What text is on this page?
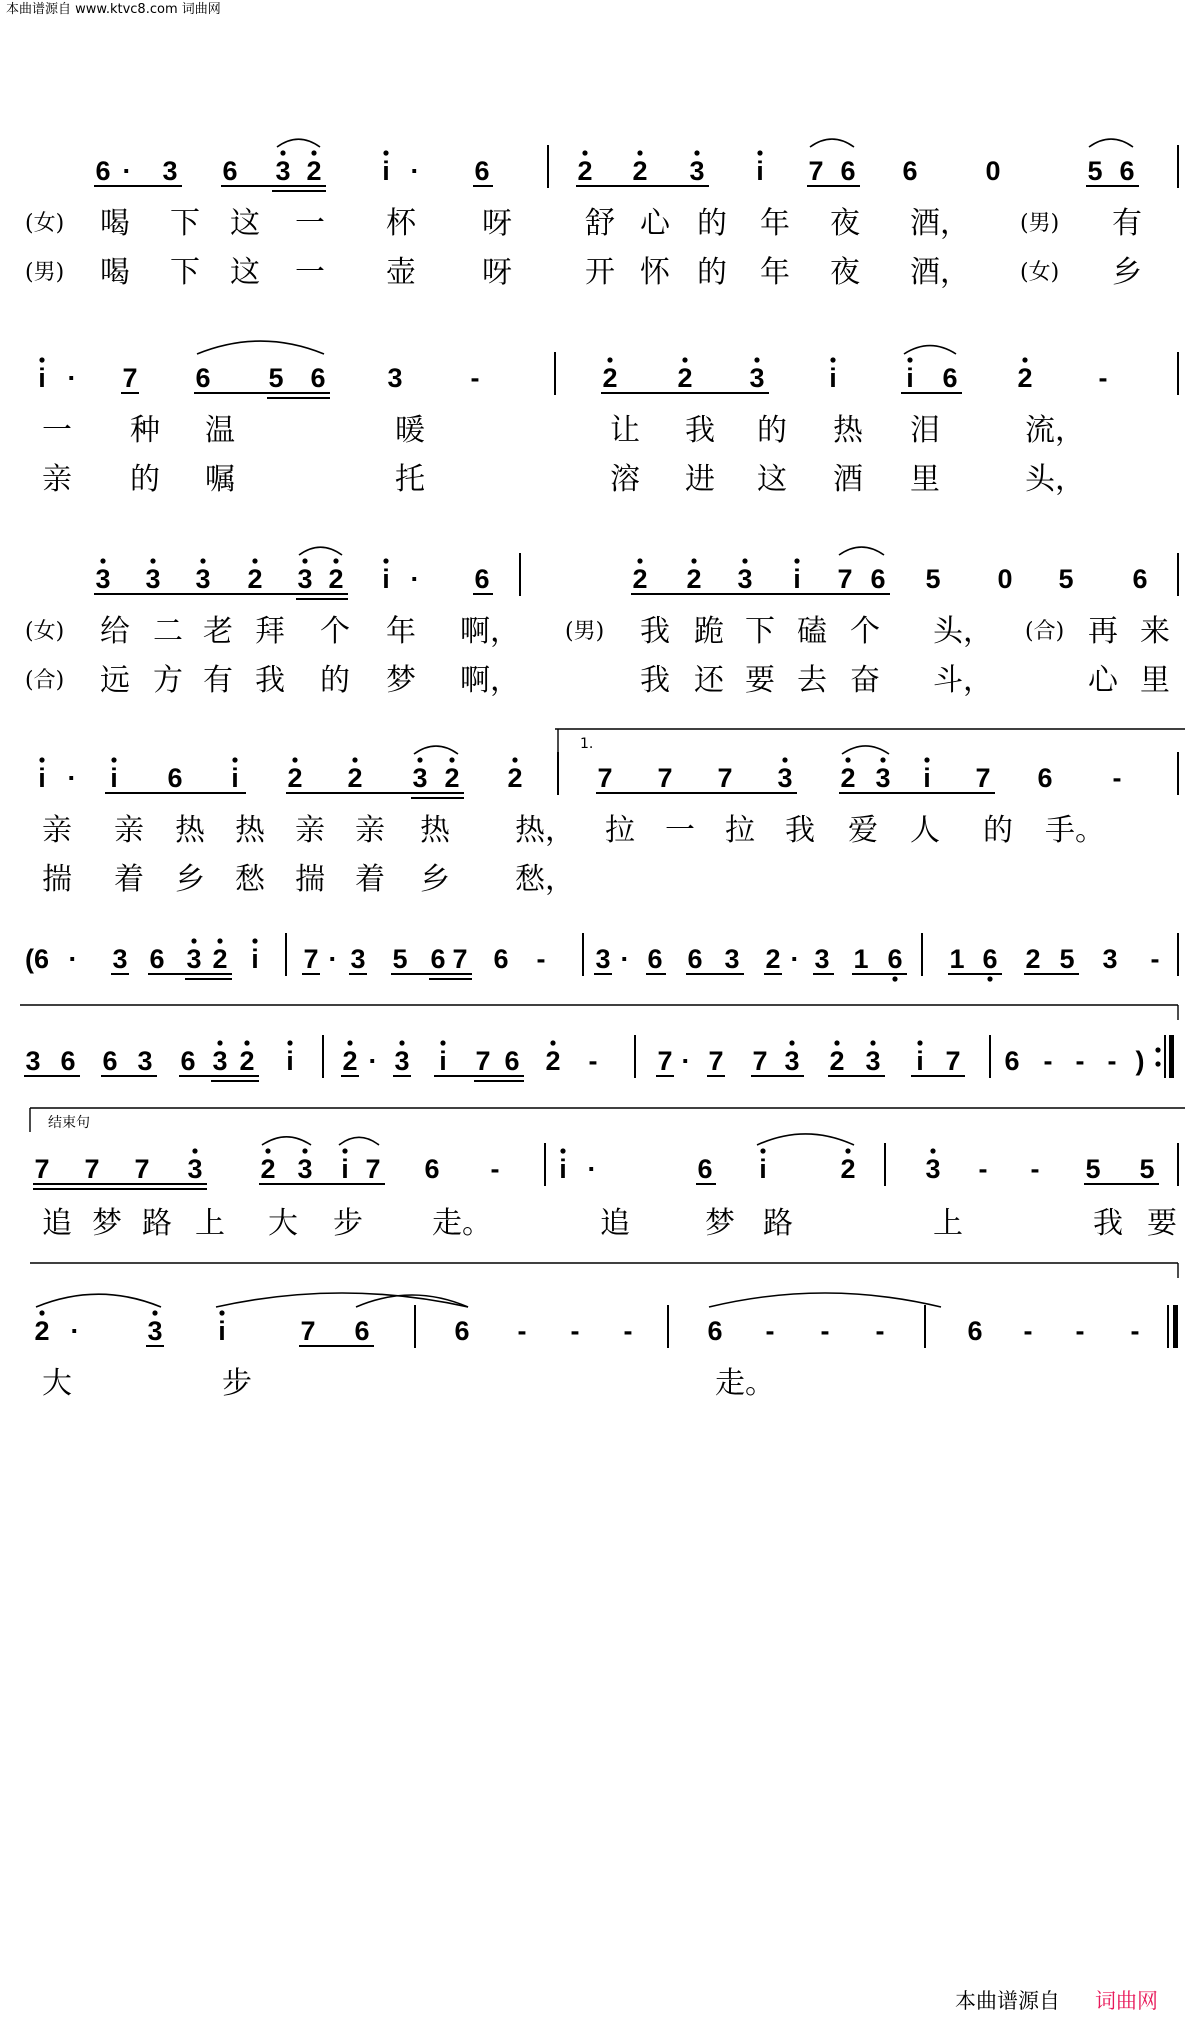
本曲谱源自 www.ktvc8.com 词曲网
1.
结束句
6 · 3 6 3 2 i · 6	2 2 3 i 7 6 6	0	5 6
(女)	(男)
喝 下 这 一 杯 呀 舒 心 的 年 夜 酒，	有
(男)	(女)
喝 下 这 一 壶 呀 开 怀 的 年 夜 酒，	乡
i · 7 6 5 6 3	-	2 2 3 i	i 6 2 -
一 种 温	暖	让 我 的 热 泪	流，
亲 的 嘱	托	溶 进 这 酒 里	头，
3 3 3 2 3 2 i · 6	2 2 3 i 7 6 5 0 5 6
(女)	(男)	(合)
给 二 老 拜 个 年 啊，	我 跪 下 磕 个 头，	再 来
(合) 远 方 有 我 的 梦 啊，	我 还 要 去 奋 斗，	心 里
i · i 6 i 2 2 3 2 2	7 7 7 3 2 3 i 7 6 -
亲 亲 热 热 亲 亲 热 热， 拉 一 拉 我 爱 人 的 手。
揣 着 乡 愁 揣 着 乡 愁，
(6 · 3 6 3 2 i 7 · 3 5 6 7 6 - 3 · 6 6 3 2 · 3 1 6 1 6 2 5 3 -
3 6 6 3 6 3 2 i 2 · 3 i 7 6 2 - 7 · 7 7 3 2 3 i 7 6 - - - )
7 7 7 3 2 3 i 7 6 - i ·	6 i	2	3 - - 5 5
追 梦 路 上 大 步 走。	追	梦 路	上	我 要
2 ·	3 i	7 6	6 - - -	6 - - -	6 - - -
大	步	走。
本曲谱源自 词曲网
